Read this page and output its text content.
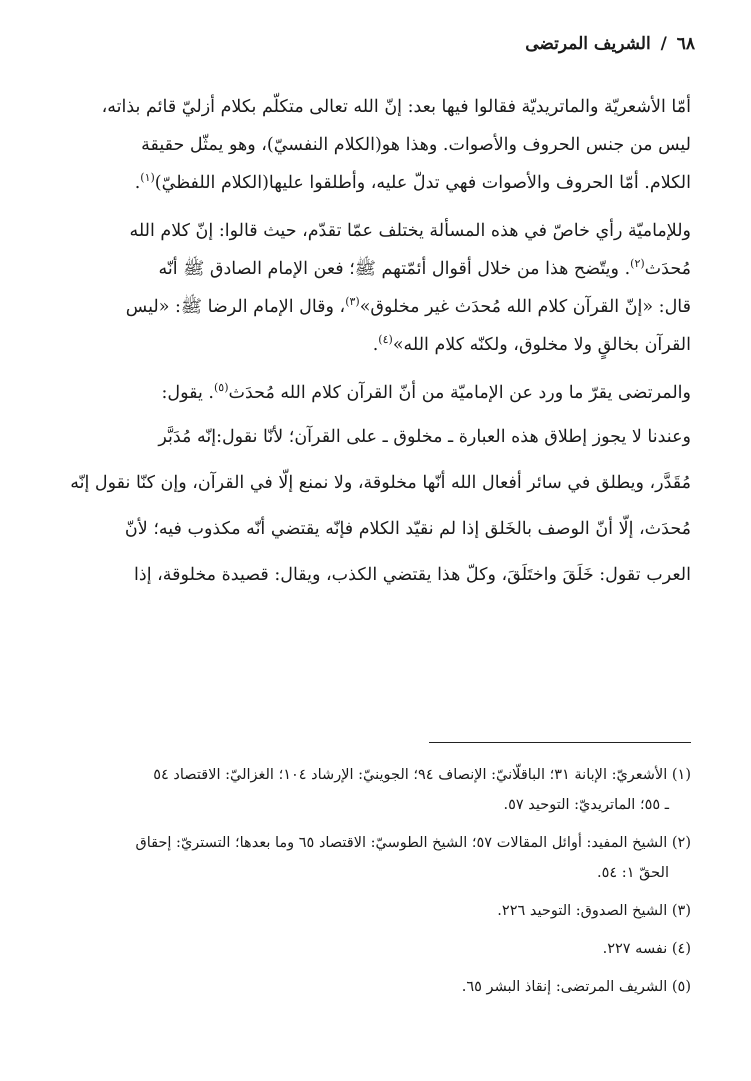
٦٨ / الشريف المرتضى
أمّا الأشعريّة والماتريديّة فقالوا فيها بعد: إنّ الله تعالى متكلّم بكلام أزليّ قائم بذاته،
ليس من جنس الحروف والأصوات. وهذا هو(الكلام النفسيّ)، وهو يمثّل حقيقة
الكلام. أمّا الحروف والأصوات فهي تدلّ عليه، وأطلقوا عليها(الكلام اللفظيّ)$^{(١)}$.
وللإماميّة رأي خاصّ في هذه المسألة يختلف عمّا تقدّم، حيث قالوا: إنّ كلام الله
مُحدَث$^{(٢)}$. ويتّضح هذا من خلال أقوال أئمّتهم ﷺ؛ فعن الإمام الصادق ﷺ أنّه
قال: «إنّ القرآن كلام الله مُحدَث غير مخلوق»$^{(٣)}$، وقال الإمام الرضا ﷺ: «ليس
القرآن بخالقٍ ولا مخلوق، ولكنّه كلام الله»$^{(٤)}$.
والمرتضى يقرّ ما ورد عن الإماميّة من أنّ القرآن كلام الله مُحدَث$^{(٥)}$. يقول:
وعندنا لا يجوز إطلاق هذه العبارة ـ مخلوق ـ على القرآن؛ لأنّا نقول:إنّه مُدَبَّر
مُقَدَّر، ويطلق في سائر أفعال الله أنّها مخلوقة، ولا نمنع إلّا في القرآن، وإن كنّا نقول إنّه
مُحدَث، إلّا أنّ الوصف بالخَلق إذا لم نقيّد الكلام فإنّه يقتضي أنّه مكذوب فيه؛ لأنّ
العرب تقول: خَلَقَ واختَلَقَ، وكلّ هذا يقتضي الكذب، ويقال: قصيدة مخلوقة، إذا
(١) الأشعريّ: الإبانة ٣١؛ الباقلّانيّ: الإنصاف ٩٤؛ الجوينيّ: الإرشاد ١٠٤؛ الغزاليّ: الاقتصاد ٥٤
ـ ٥٥؛ الماتريديّ: التوحيد ٥٧.
(٢) الشيخ المفيد: أوائل المقالات ٥٧؛ الشيخ الطوسيّ: الاقتصاد ٦٥ وما بعدها؛ التستريّ: إحقاق
الحقّ ١: ٥٤.
(٣) الشيخ الصدوق: التوحيد ٢٢٦.
(٤) نفسه ٢٢٧.
(٥) الشريف المرتضى: إنقاذ البشر ٦٥.
